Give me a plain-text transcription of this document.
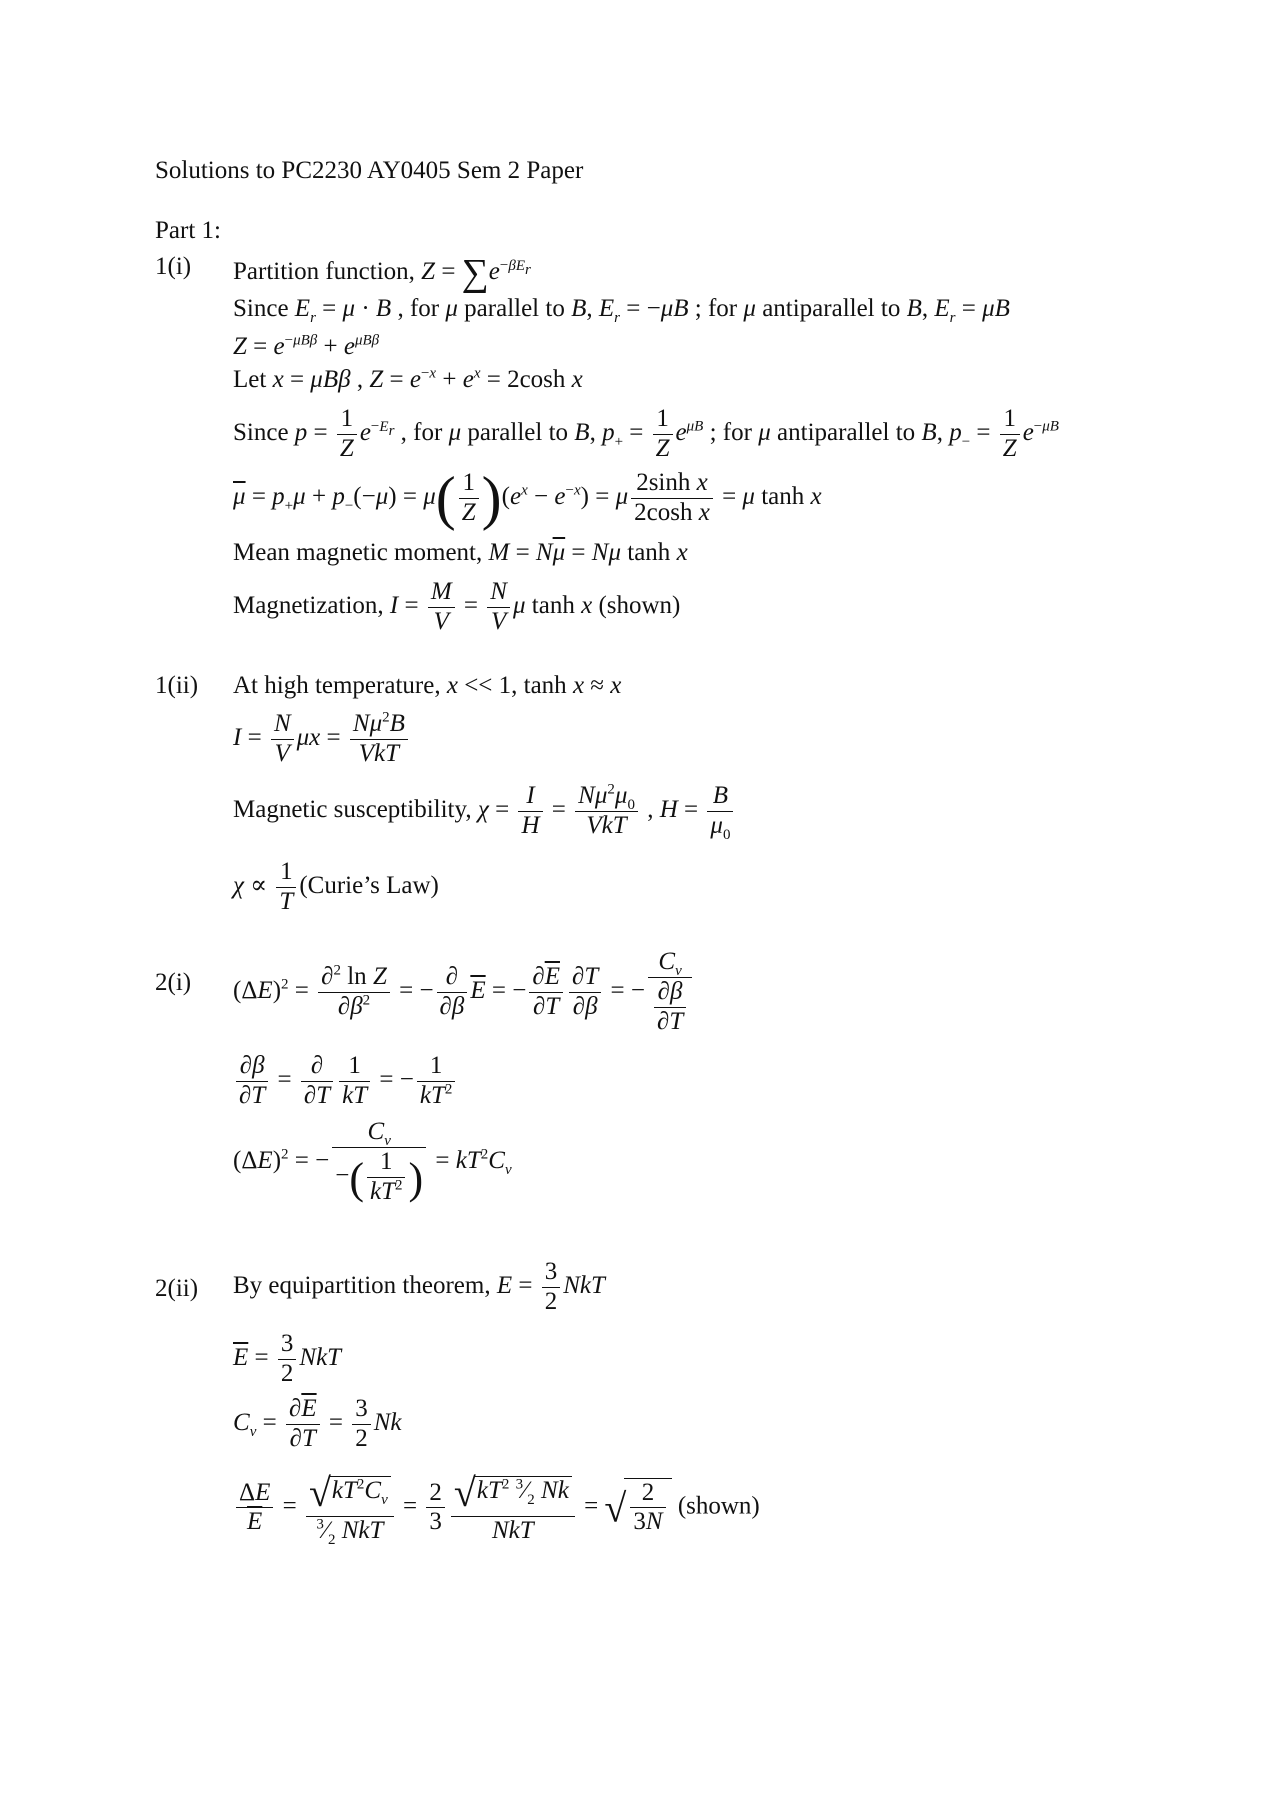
Solutions to PC2230 AY0405 Sem 2 Paper
Part 1:
1(i) Partition function, $Z = \sum e^{-\beta E_r}$
Since $E_r = \mu \cdot B$ , for μ parallel to B, $E_r = -\mu B$ ; for μ antiparallel to B, $E_r = \mu B$
$Z = e^{-\mu B\beta} + e^{\mu B\beta}$
Let x = μBβ , $Z = e^{-x} + e^x = 2\cosh$ x
Since $p = \frac{1}{Z} e^{-E_r}$ , for μ parallel to B, $p_+ = \frac{1}{Z} e^{\mu B}$ ; for μ antiparallel to B, $p_- = \frac{1}{Z} e^{-\mu B}$
$\overline{\mu} = p_+\mu + p_-(-\mu) = \mu( \frac{1}{Z} )(e^x - e^{-x}) = \mu \frac{\text{2sinh x}}{\text{2cosh x}} = \mu$ tanh x
Mean magnetic moment, $M = N\overline{\mu} = N\mu$ tanh x
Magnetization, $I = \frac{M}{V} = \frac{N}{V}$ μ tanh x (shown)
1(ii) At high temperature, x << 1, tanh x ≈ x
$I = \frac{N}{V}$ $\mu x = \frac{N\mu^2B}{\text{VkT}}$
Magnetic susceptibility, $\chi = \frac{I}{H} = \frac{N\mu^2\mu_0}{\text{VkT}}$ , $H = \frac{B}{\mu_0}$
$\chi \propto \frac{1}{T}$ (Curie’s Law)
2(i) $(\Delta E)^2 = \frac{\partial^2 \ln Z}{\partial\beta^2}$ = − $\frac{\partial}{\partial\beta} \overline{E}$ = − $\frac{\partial\overline{E}}{\partial T} \frac{\partial T}{\partial\beta}$ = − $\frac{C_v}{\frac{\partial\beta}{\partial T}}$
$\frac{\partial\beta}{\partial T} = \frac{\partial}{\partial T} \frac{1}{kT}$ = − $\frac{1}{kT^2}$
$(\Delta E)^2$ = − $\frac{C_v}{-( \frac{1}{kT^2} )} = kT^2C_v$
2(ii) By equipartition theorem, $E = \frac{3}{2}$ NkT
$\overline{E} = \frac{3}{2}$ NkT
$C_v = \frac{\partial\overline{E}}{\partial T} = \frac{3}{2}$ Nk
$\frac{\Delta E}{E} = \frac{√kT^2C_v}{^3⁄_2 NkT} = \frac{2}{3} \frac{√kT^2 ^3⁄_2 Nk}{\text{NkT}}$ = √ $\frac{2}{3N}$ (shown)
